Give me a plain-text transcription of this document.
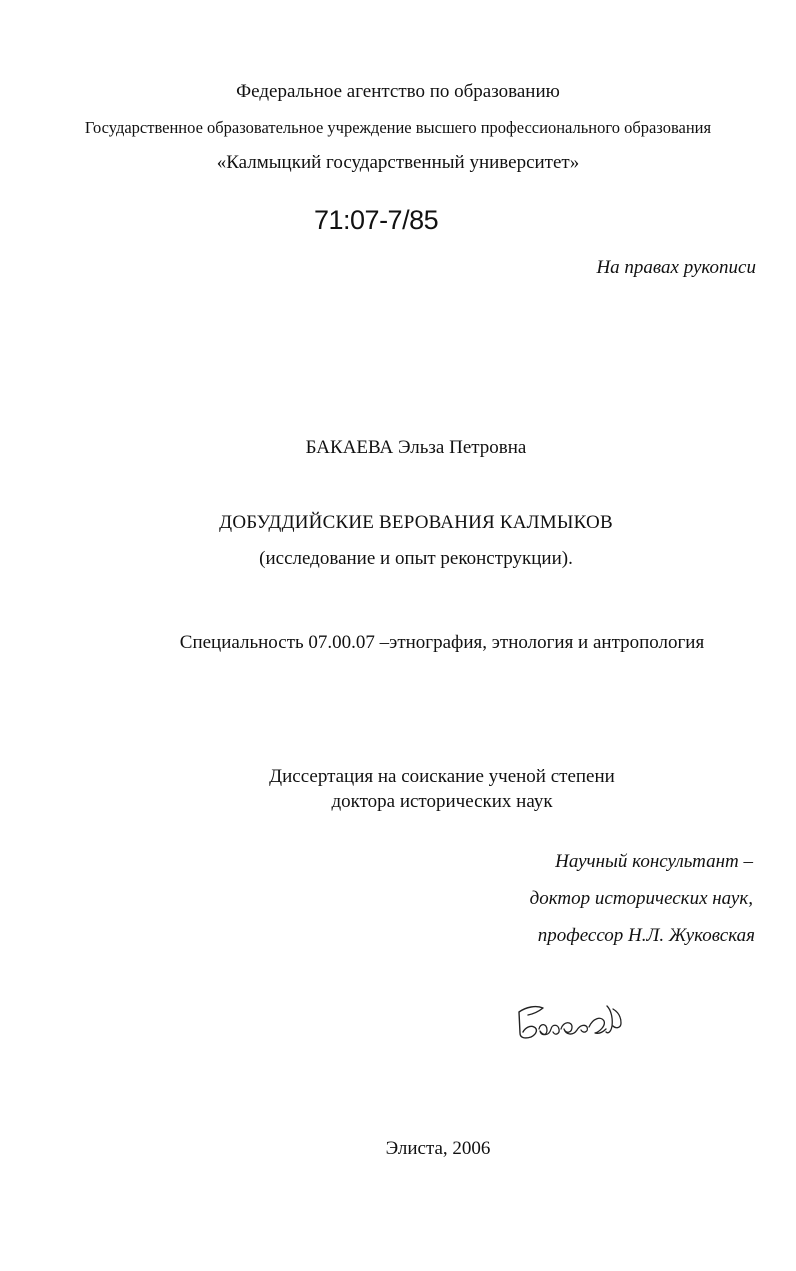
Федеральное агентство по образованию
Государственное образовательное учреждение высшего профессионального образования
«Калмыцкий государственный университет»
71:07-7/85
На правах рукописи
БАКАЕВА Эльза Петровна
ДОБУДДИЙСКИЕ ВЕРОВАНИЯ КАЛМЫКОВ
(исследование и опыт реконструкции).
Специальность 07.00.07 –этнография, этнология и антропология
Диссертация на соискание ученой степени
доктора исторических наук
Научный консультант –
доктор исторических наук,
профессор Н.Л. Жуковская
Элиста, 2006
